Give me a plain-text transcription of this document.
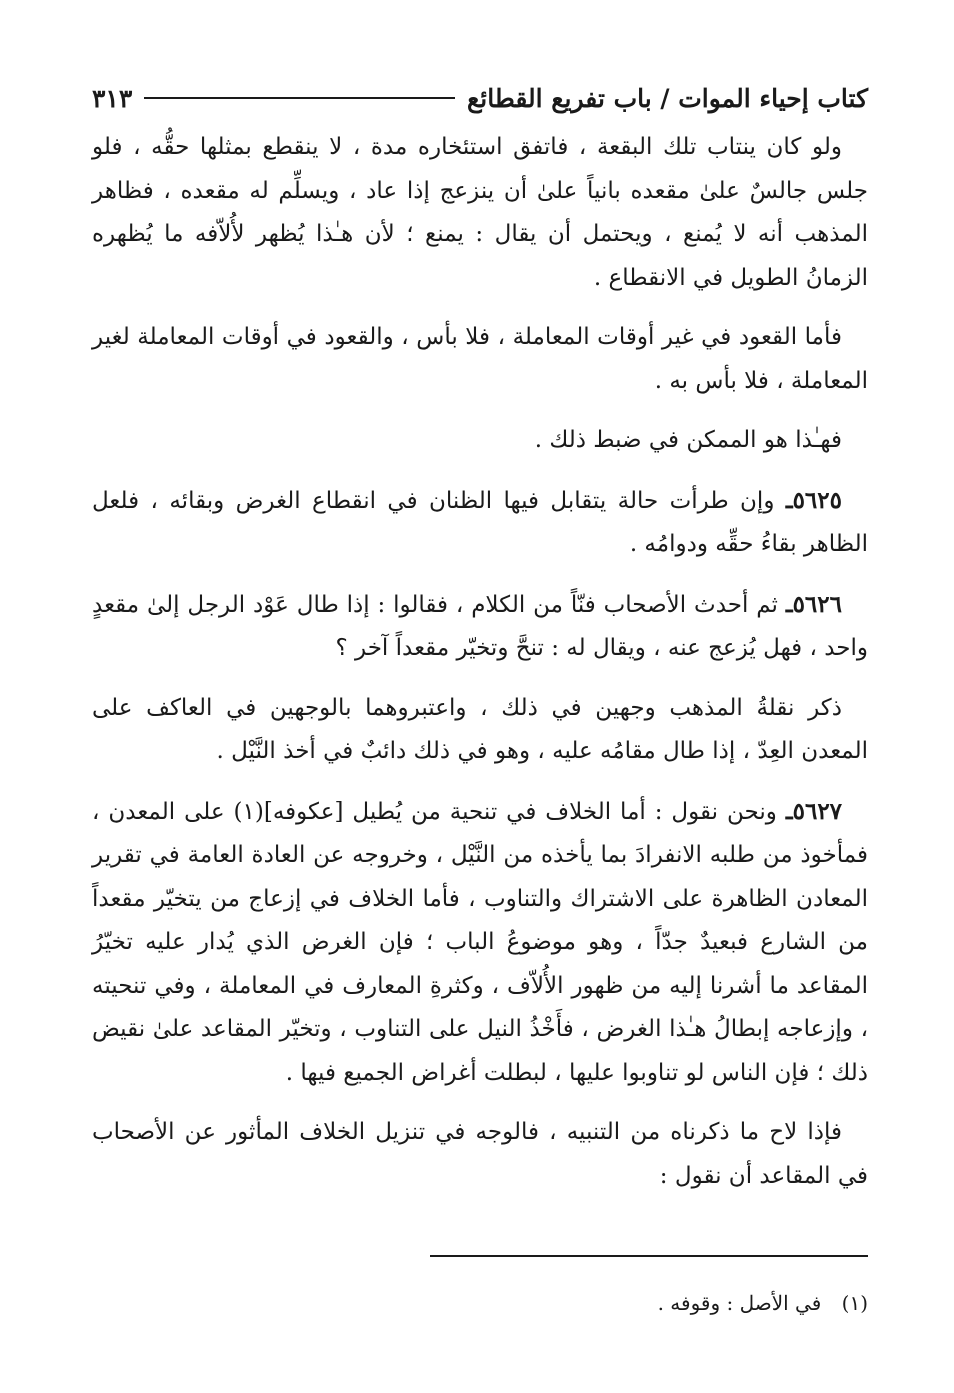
كتاب إحياء الموات / باب تفريع القطائع
٣١٣

ولو كان ينتاب تلك البقعة ، فاتفق استئخاره مدة ، لا ينقطع بمثلها حقُّه ، فلو جلس جالسٌ علىٰ مقعده بانياً علىٰ أن ينزعج إذا عاد ، ويسلِّم له مقعده ، فظاهر المذهب أنه لا يُمنع ، ويحتمل أن يقال : يمنع ؛ لأن هـٰذا يُظهر لأُلاّفه ما يُظهره الزمانُ الطويل في الانقطاع .

فأما القعود في غير أوقات المعاملة ، فلا بأس ، والقعود في أوقات المعاملة لغير المعاملة ، فلا بأس به .

فهـٰذا هو الممكن في ضبط ذلك .

٥٦٢٥ـ وإن طرأت حالة يتقابل فيها الظنان في انقطاع الغرض وبقائه ، فلعل الظاهر بقاءُ حقِّه ودوامُه .

٥٦٢٦ـ ثم أحدث الأصحاب فنّاً من الكلام ، فقالوا : إذا طال عَوْد الرجل إلىٰ مقعدٍ واحد ، فهل يُزعج عنه ، ويقال له : تنحَّ وتخيّر مقعداً آخر ؟

ذكر نقلةُ المذهب وجهين في ذلك ، واعتبروهما بالوجهين في العاكف على المعدن العِدّ ، إذا طال مقامُه عليه ، وهو في ذلك دائبٌ في أخذ النَّيْل .

٥٦٢٧ـ ونحن نقول : أما الخلاف في تنحية من يُطيل [عكوفه](١) على المعدن ، فمأخوذ من طلبه الانفرادَ بما يأخذه من النَّيْل ، وخروجه عن العادة العامة في تقرير المعادن الظاهرة على الاشتراك والتناوب ، فأما الخلاف في إزعاج من يتخيّر مقعداً من الشارع فبعيدٌ جدّاً ، وهو موضوعُ الباب ؛ فإن الغرض الذي يُدار عليه تخيّرُ المقاعد ما أشرنا إليه من ظهور الأُلاّف ، وكثرةِ المعارف في المعاملة ، وفي تنحيته ، وإزعاجه إبطالُ هـٰذا الغرض ، فأَخْذُ النيل على التناوب ، وتخيّر المقاعد علىٰ نقيض ذلك ؛ فإن الناس لو تناوبوا عليها ، لبطلت أغراض الجميع فيها .

فإذا لاح ما ذكرناه من التنبيه ، فالوجه في تنزيل الخلاف المأثور عن الأصحاب في المقاعد أن نقول :

(١) في الأصل : وقوفه .
